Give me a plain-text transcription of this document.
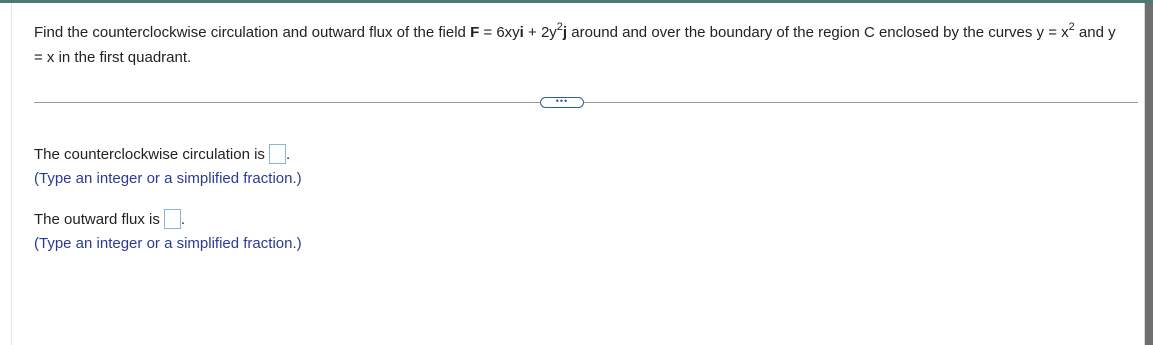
Find the counterclockwise circulation and outward flux of the field $F = 6xyi + 2y^2j$ around and over the boundary of the region C enclosed by the curves $y = x^2$ and y = x in the first quadrant.
•••
The counterclockwise circulation is .
(Type an integer or a simplified fraction.)
The outward flux is .
(Type an integer or a simplified fraction.)
